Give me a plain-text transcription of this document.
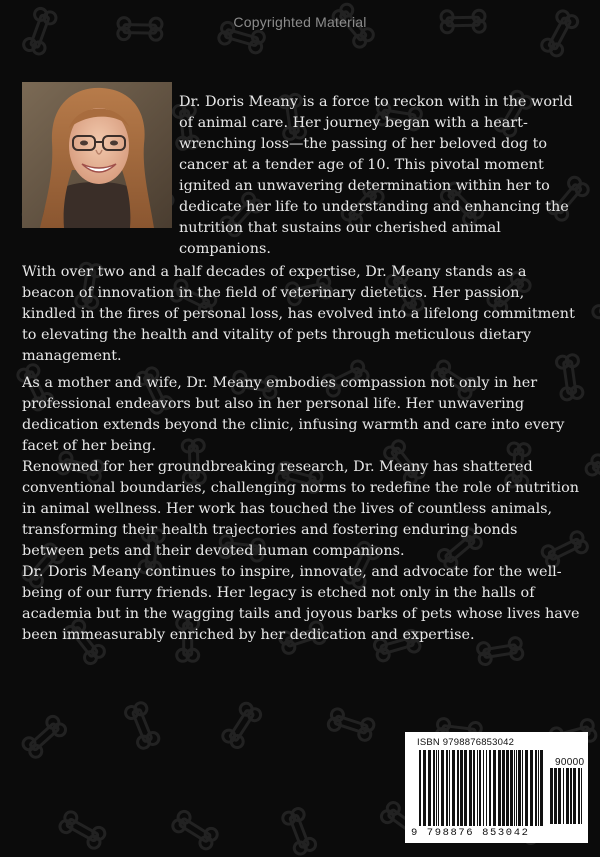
Copyrighted Material

Dr. Doris Meany is a force to reckon with in the world of animal care. Her journey began with a heart-wrenching loss—the passing of her beloved dog to cancer at a tender age of 10. This pivotal moment ignited an unwavering determination within her to dedicate her life to understanding and enhancing the nutrition that sustains our cherished animal companions.

With over two and a half decades of expertise, Dr. Meany stands as a beacon of innovation in the field of veterinary dietetics. Her passion, kindled in the fires of personal loss, has evolved into a lifelong commitment to elevating the health and vitality of pets through meticulous dietary management.

As a mother and wife, Dr. Meany embodies compassion not only in her professional endeavors but also in her personal life. Her unwavering dedication extends beyond the clinic, infusing warmth and care into every facet of her being.

Renowned for her groundbreaking research, Dr. Meany has shattered conventional boundaries, challenging norms to redefine the role of nutrition in animal wellness. Her work has touched the lives of countless animals, transforming their health trajectories and fostering enduring bonds between pets and their devoted human companions.

Dr. Doris Meany continues to inspire, innovate, and advocate for the well-being of our furry friends. Her legacy is etched not only in the halls of academia but in the wagging tails and joyous barks of pets whose lives have been immeasurably enriched by her dedication and expertise.

ISBN 9798876853042
90000
9 798876 853042
